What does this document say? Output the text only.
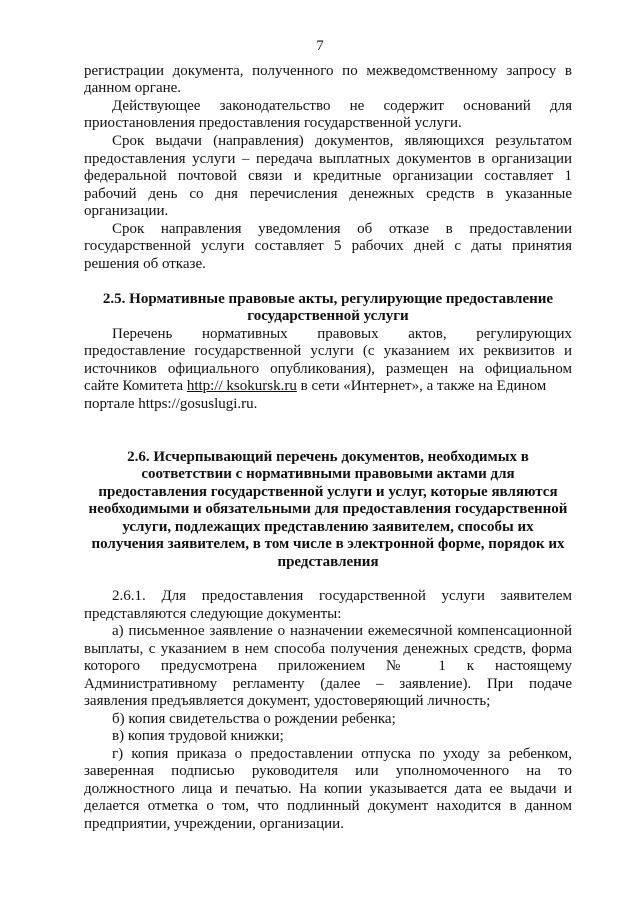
7
регистрации документа, полученного по межведомственному запросу в
данном органе.
Действующее законодательство не содержит оснований для
приостановления предоставления государственной услуги.
Срок выдачи (направления) документов, являющихся результатом
предоставления услуги – передача выплатных документов в организации
федеральной почтовой связи и кредитные организации составляет 1
рабочий день со дня перечисления денежных средств в указанные
организации.
Срок направления уведомления об отказе в предоставлении
государственной услуги составляет 5 рабочих дней с даты принятия
решения об отказе.
2.5. Нормативные правовые акты, регулирующие предоставление
государственной услуги
Перечень нормативных правовых актов, регулирующих
предоставление государственной услуги (с указанием их реквизитов и
источников официального опубликования), размещен на официальном
сайте Комитета http:// ksokursk.ru в сети «Интернет», а также на Едином
портале https://gosuslugi.ru.
2.6. Исчерпывающий перечень документов, необходимых в
соответствии с нормативными правовыми актами для
предоставления государственной услуги и услуг, которые являются
необходимыми и обязательными для предоставления государственной
услуги, подлежащих представлению заявителем, способы их
получения заявителем, в том числе в электронной форме, порядок их
представления
2.6.1. Для предоставления государственной услуги заявителем
представляются следующие документы:
а) письменное заявление о назначении ежемесячной компенсационной
выплаты, с указанием в нем способа получения денежных средств, форма
которого предусмотрена приложением № 1 к настоящему
Административному регламенту (далее – заявление). При подаче
заявления предъявляется документ, удостоверяющий личность;
б) копия свидетельства о рождении ребенка;
в) копия трудовой книжки;
г) копия приказа о предоставлении отпуска по уходу за ребенком,
заверенная подписью руководителя или уполномоченного на то
должностного лица и печатью. На копии указывается дата ее выдачи и
делается отметка о том, что подлинный документ находится в данном
предприятии, учреждении, организации.
